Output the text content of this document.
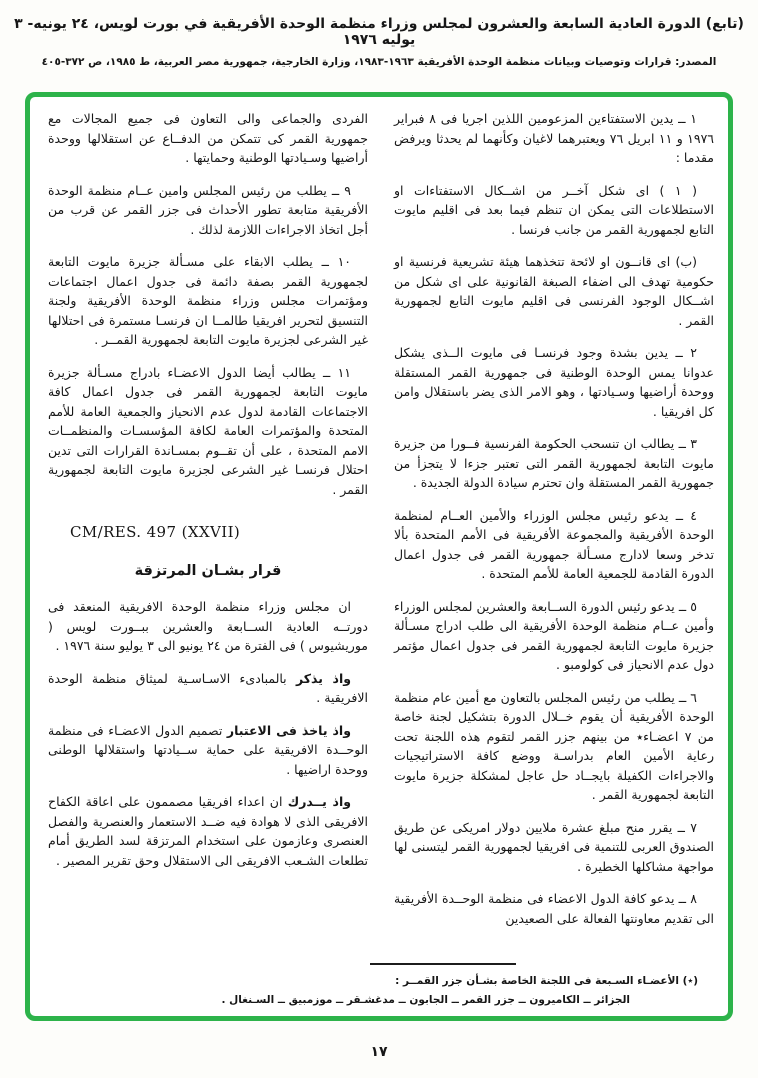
(تابع) الدورة العادية السابعة والعشرون لمجلس وزراء منظمة الوحدة الأفريقية في بورت لويس، ٢٤ يونيه- ٣ يوليه ١٩٧٦
المصدر: قرارات وتوصيات وبيانات منظمة الوحدة الأفريقية ١٩٦٣-١٩٨٣، وزارة الخارجية، جمهورية مصر العربية، ط ١٩٨٥، ص ٣٧٢-٤٠٥

١ ــ يدين الاستفتاءين المزعومين اللذين اجريا فى ٨ فبراير ١٩٧٦ و ١١ ابريل ٧٦ ويعتبرهما لاغيان وكأنهما لم يحدثا ويرفض مقدما :

( ١ ) اى شكل آخــر من اشــكال الاستفتاءات او الاستطلاعات التى يمكن ان تنظم فيما بعد فى اقليم مايوت التابع لجمهورية القمر من جانب فرنسا .

(ب) اى قانــون او لائحة تتخذهما هيئة تشريعية فرنسية او حكومية تهدف الى اضفاء الصبغة القانونية على اى شكل من اشــكال الوجود الفرنسى فى اقليم مايوت التابع لجمهورية القمر .

٢ ــ يدين بشدة وجود فرنسـا فى مايوت الــذى يشكل عدوانا يمس الوحدة الوطنية فى جمهورية القمر المستقلة ووحدة أراضيها وسـيادتها ، وهو الامر الذى يضر باستقلال وامن كل افريقيا .

٣ ــ يطالب ان تنسحب الحكومة الفرنسية فــورا من جزيرة مايوت التابعة لجمهورية القمر التى تعتبر جزءا لا يتجزأ من جمهورية القمر المستقلة وان تحترم سيادة الدولة الجديدة .

٤ ــ يدعو رئيس مجلس الوزراء والأمين العــام لمنظمة الوحدة الأفريقية والمجموعة الأفريقية فى الأمم المتحدة بألا تدخر وسعا لادارج مسـألة جمهورية القمر فى جدول اعمال الدورة القادمة للجمعية العامة للأمم المتحدة .

٥ ــ يدعو رئيس الدورة الســابعة والعشرين لمجلس الوزراء وأمين عــام منظمة الوحدة الأفريقية الى طلب ادراج مسـألة جزيرة مايوت التابعة لجمهورية القمر فى جدول اعمال مؤتمر دول عدم الانحياز فى كولومبو .

٦ ــ يطلب من رئيس المجلس بالتعاون مع أمين عام منظمة الوحدة الأفريقية أن يقوم خــلال الدورة بتشكيل لجنة خاصة من ٧ اعضـاء٭ من بينهم جزر القمر لتقوم هذه اللجنة تحت رعاية الأمين العام بدراسـة ووضع كافة الاستراتيجيات والاجراءات الكفيلة بايجــاد حل عاجل لمشكلة جزيرة مايوت التابعة لجمهورية القمر .

٧ ــ يقرر منح مبلغ عشرة ملايين دولار امريكى عن طريق الصندوق العربى للتنمية فى افريقيا لجمهورية القمر ليتسنى لها مواجهة مشاكلها الخطيرة .

٨ ــ يدعو كافة الدول الاعضاء فى منظمة الوحــدة الأفريقية الى تقديم معاونتها الفعالة على الصعيدين

الفردى والجماعى والى التعاون فى جميع المجالات مع جمهورية القمر كى تتمكن من الدفــاع عن استقلالها ووحدة أراضيها وسـيادتها الوطنية وحمايتها .

٩ ــ يطلب من رئيس المجلس وامين عــام منظمة الوحدة الأفريقية متابعة تطور الأحداث فى جزر القمر عن قرب من أجل اتخاذ الاجراءات اللازمة لذلك .

١٠ ــ يطلب الابقاء على مسـألة جزيرة مايوت التابعة لجمهورية القمر بصفة دائمة فى جدول اعمال اجتماعات ومؤتمرات مجلس وزراء منظمة الوحدة الأفريقية ولجنة التنسيق لتحرير افريقيا طالمــا ان فرنسـا مستمرة فى احتلالها غير الشرعى لجزيرة مايوت التابعة لجمهورية القمــر .

١١ ــ يطالب أيضا الدول الاعضـاء بادراج مسـألة جزيرة مايوت التابعة لجمهورية القمر فى جدول اعمال كافة الاجتماعات القادمة لدول عدم الانحياز والجمعية العامة للأمم المتحدة والمؤتمرات العامة لكافة المؤسسـات والمنظمــات الامم المتحدة ، على أن تقــوم بمسـاندة القرارات التى تدين احتلال فرنسـا غير الشرعى لجزيرة مايوت التابعة لجمهورية القمر .

CM/RES. 497 (XXVII)
قرار بشـان المرتزقة

ان مجلس وزراء منظمة الوحدة الافريقية المنعقد فى دورتــه العادية الســابعة والعشرين ببــورت لويس ( موريشيوس ) فى الفترة من ٢٤ يونيو الى ٣ يوليو سنة ١٩٧٦ .

واذ يذكر بالمبادىء الاسـاسـية لميثاق منظمة الوحدة الافريقية .

واذ ياخذ فى الاعتبار تصميم الدول الاعضـاء فى منظمة الوحــدة الافريقية على حماية ســيادتها واستقلالها الوطنى ووحدة اراضيها .

واذ يــدرك ان اعداء افريقيا مصممون على اعاقة الكفاح الافريقى الذى لا هوادة فيه ضــد الاستعمار والعنصرية والفصل العنصرى وعازمون على استخدام المرتزقة لسد الطريق أمام تطلعات الشـعب الافريقى الى الاستقلال وحق تقرير المصير .

(٭) الأعضـاء السـبعة فى اللجنة الخاصة بشـأن جزر القمــر :
الجزائر ــ الكاميرون ــ جزر القمر ــ الجابون ــ مدغشـقر ــ موزمبيق ــ السـنغال .
١٧
